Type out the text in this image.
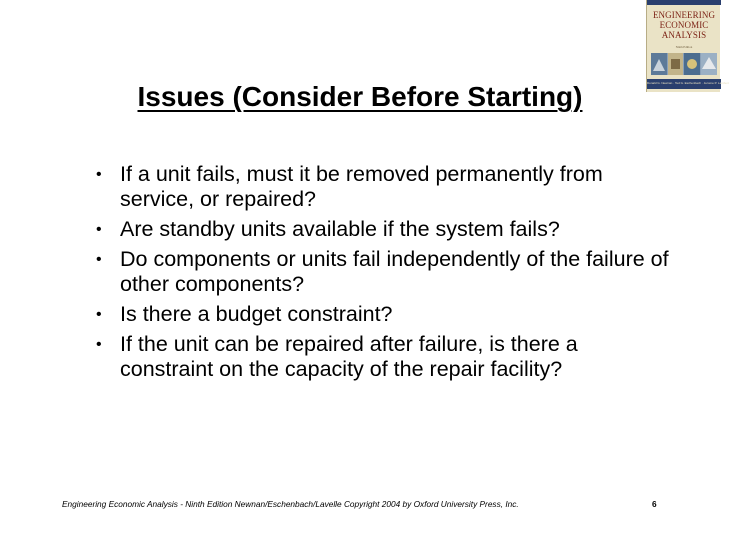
ENGINEERING
ECONOMIC
ANALYSIS
Ninth Edition
Donald G. Newnan · Ted G. Eschenbach · Jerome P. Lambert
Issues (Consider Before Starting)
• If a unit fails, must it be removed permanently from service, or repaired?
• Are standby units available if the system fails?
• Do components or units fail independently of the failure of other components?
• Is there a budget constraint?
• If the unit can be repaired after failure, is there a constraint on the capacity of the repair facility?
Engineering Economic Analysis - Ninth Edition Newnan/Eschenbach/Lavelle Copyright 2004 by Oxford University Press, Inc.	6
